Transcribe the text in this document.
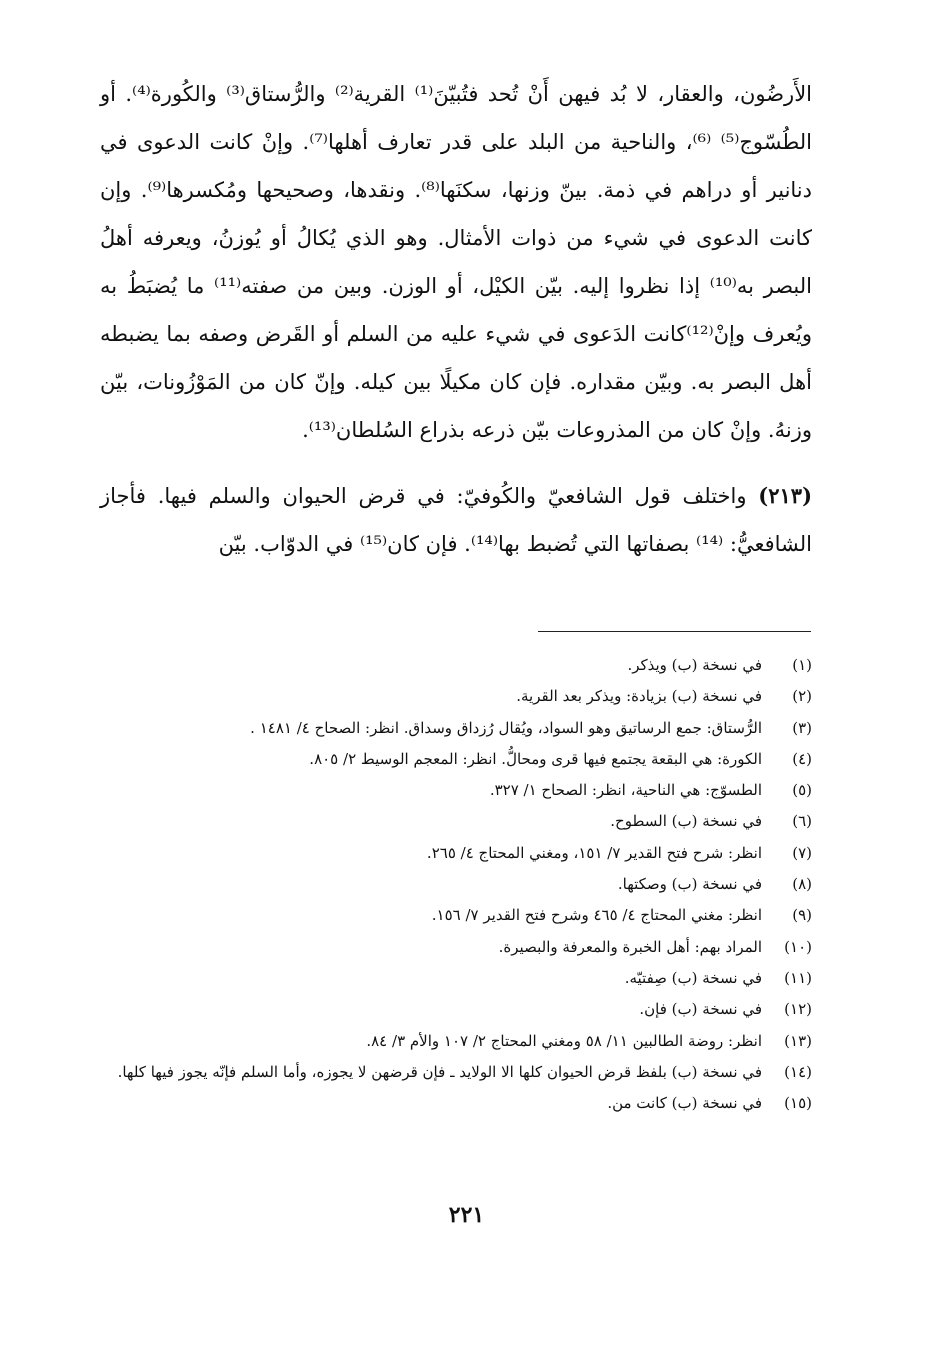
الأَرضُون، والعقار، لا بُد فيهن أَنْ تُحد فتُبيّنَ⁽¹⁾ القرية⁽²⁾ والرُّستاق⁽³⁾ والكُورة⁽⁴⁾. أو الطُسّوج⁽⁵⁾ ⁽⁶⁾، والناحية من البلد على قدر تعارف أهلها⁽⁷⁾. وإنْ كانت الدعوى في دنانير أو دراهم في ذمة. بينّ وزنها، سكنَها⁽⁸⁾. ونقدها، وصحيحها ومُكسرها⁽⁹⁾. وإن كانت الدعوى في شيء من ذوات الأمثال. وهو الذي يُكالُ أو يُوزنُ، ويعرفه أهلُ البصر به⁽¹⁰⁾ إذا نظروا إليه. بيّن الكيْل، أو الوزن. وبين من صفته⁽¹¹⁾ ما يُضبَطُ به ويُعرف وإنْ⁽¹²⁾كانت الدَعوى في شيء عليه من السلم أو القَرض وصفه بما يضبطه أهل البصر به. وبيّن مقداره. فإن كان مكيلًا بين كيله. وإنّ كان من المَوْزُونات، بيّن وزنهُ. وإنْ كان من المذروعات بيّن ذرعه بذراع السُلطان⁽¹³⁾.
(٢١٣) واختلف قول الشافعيّ والكُوفيّ: في قرض الحيوان والسلم فيها. فأجاز الشافعيُّ: ⁽¹⁴⁾ بصفاتها التي تُضبط بها⁽¹⁴⁾. فإن كان⁽¹⁵⁾ في الدوّاب. بيّن
(١)
في نسخة (ب) ويذكر.
(٢)
في نسخة (ب) بزيادة: ويذكر بعد القرية.
(٣)
الرُّستاق: جمع الرساتيق وهو السواد، ويُقال رُزداق وسداق. انظر: الصحاح ٤/ ١٤٨١ .
(٤)
الكورة: هي البقعة يجتمع فيها قرى ومحالُّ. انظر: المعجم الوسيط ٢/ ٨٠٥.
(٥)
الطسوّج: هي الناحية، انظر: الصحاح ١/ ٣٢٧.
(٦)
في نسخة (ب) السطوح.
(٧)
انظر: شرح فتح القدير ٧/ ١٥١، ومغني المحتاج ٤/ ٢٦٥.
(٨)
في نسخة (ب) وصكتها.
(٩)
انظر: مغني المحتاج ٤/ ٤٦٥ وشرح فتح القدير ٧/ ١٥٦.
(١٠)
المراد بهم: أهل الخبرة والمعرفة والبصيرة.
(١١)
في نسخة (ب) صِفتيّه.
(١٢)
في نسخة (ب) فإن.
(١٣)
انظر: روضة الطالبين ١١/ ٥٨ ومغني المحتاج ٢/ ١٠٧ والأم ٣/ ٨٤.
(١٤)
في نسخة (ب) بلفظ قرض الحيوان كلها الا الولايد ـ فإن قرضهن لا يجوزه، وأما السلم فإنّه يجوز فيها كلها.
(١٥)
في نسخة (ب) كانت من.
٢٢١
